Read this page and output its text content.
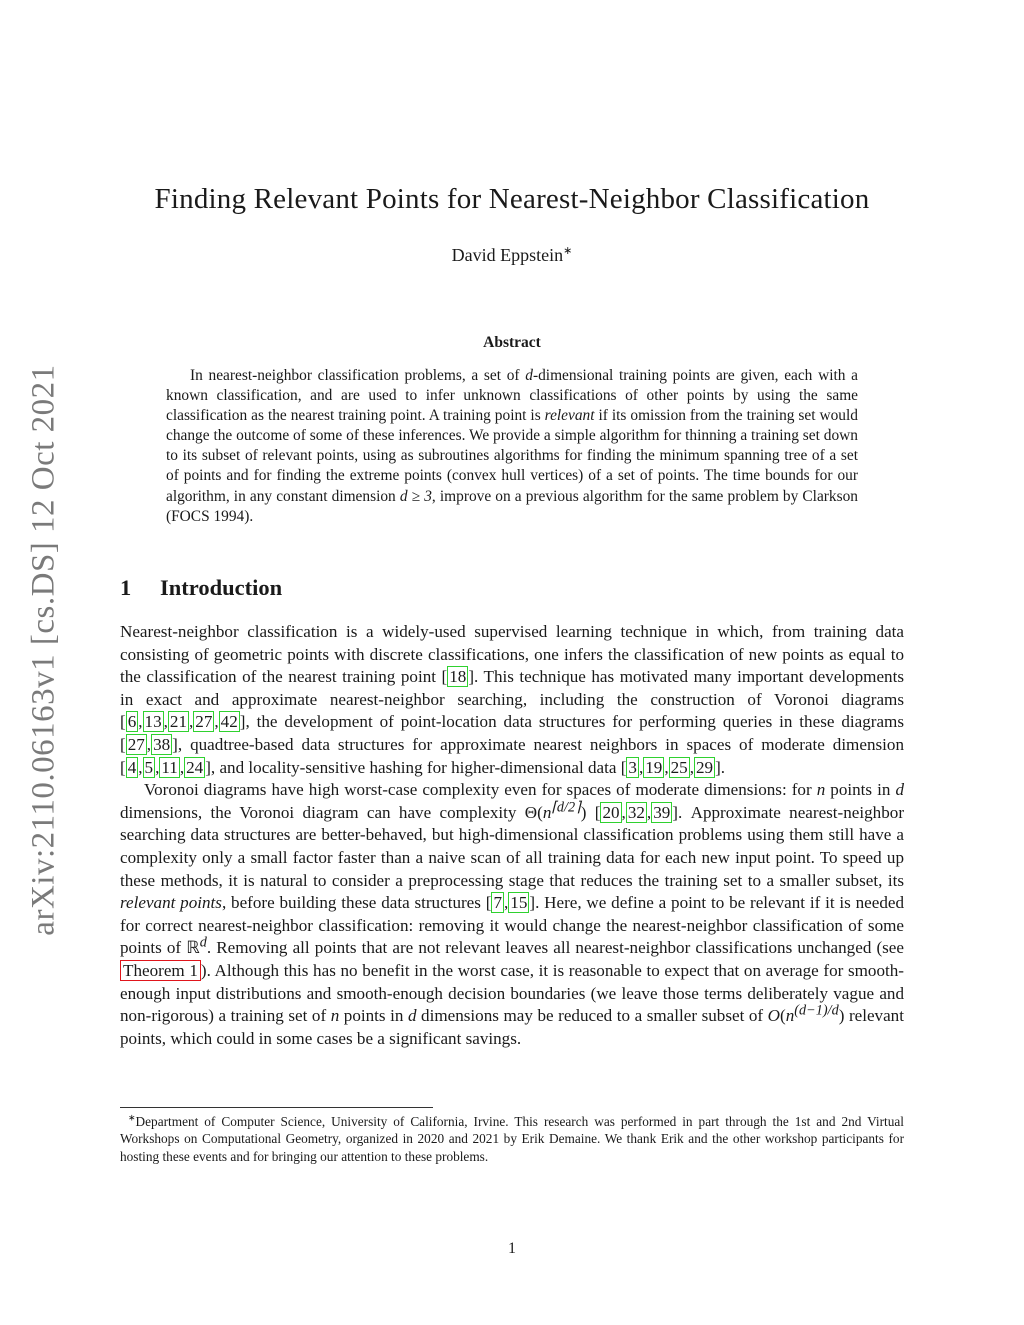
arXiv:2110.06163v1 [cs.DS] 12 Oct 2021
Finding Relevant Points for Nearest-Neighbor Classification
David Eppstein∗
Abstract
In nearest-neighbor classification problems, a set of d-dimensional training points are given, each with a known classification, and are used to infer unknown classifications of other points by using the same classification as the nearest training point. A training point is relevant if its omission from the training set would change the outcome of some of these inferences. We provide a simple algorithm for thinning a training set down to its subset of relevant points, using as subroutines algorithms for finding the minimum spanning tree of a set of points and for finding the extreme points (convex hull vertices) of a set of points. The time bounds for our algorithm, in any constant dimension d ≥ 3, improve on a previous algorithm for the same problem by Clarkson (FOCS 1994).
1 Introduction

Nearest-neighbor classification is a widely-used supervised learning technique in which, from training data consisting of geometric points with discrete classifications, one infers the classification of new points as equal to the classification of the nearest training point [ 18 ]. This technique has motivated many important developments in exact and approximate nearest-neighbor searching, including the construction of Voronoi diagrams [ 6 , 13 , 21 , 27 , 42 ], the development of point-location data structures for performing queries in these diagrams [ 27 , 38 ], quadtree-based data structures for approximate nearest neighbors in spaces of moderate dimension [ 4 , 5 , 11 , 24 ], and locality-sensitive hashing for higher-dimensional data [ 3 , 19 , 25 , 29 ].

Voronoi diagrams have high worst-case complexity even for spaces of moderate dimensions: for n points in d dimensions, the Voronoi diagram can have complexity $\Theta(n^{⌈d/2⌉})$ [ 20 , 32 , 39 ]. Approximate nearest-neighbor searching data structures are better-behaved, but high-dimensional classification problems using them still have a complexity only a small factor faster than a naive scan of all training data for each new input point. To speed up these methods, it is natural to consider a preprocessing stage that reduces the training set to a smaller subset, its relevant points, before building these data structures [ 7 , 15 ]. Here, we define a point to be relevant if it is needed for correct nearest-neighbor classification: removing it would change the nearest-neighbor classification of some points of ℝ$^d$. Removing all points that are not relevant leaves all nearest-neighbor classifications unchanged (see Theorem 1 ). Although this has no benefit in the worst case, it is reasonable to expect that on average for smooth-enough input distributions and smooth-enough decision boundaries (we leave those terms deliberately vague and non-rigorous) a training set of n points in d dimensions may be reduced to a smaller subset of $O(n^{(d-1)/d})$ relevant points, which could in some cases be a significant savings.

∗Department of Computer Science, University of California, Irvine. This research was performed in part through the 1st and 2nd Virtual Workshops on Computational Geometry, organized in 2020 and 2021 by Erik Demaine. We thank Erik and the other workshop participants for hosting these events and for bringing our attention to these problems.
1
